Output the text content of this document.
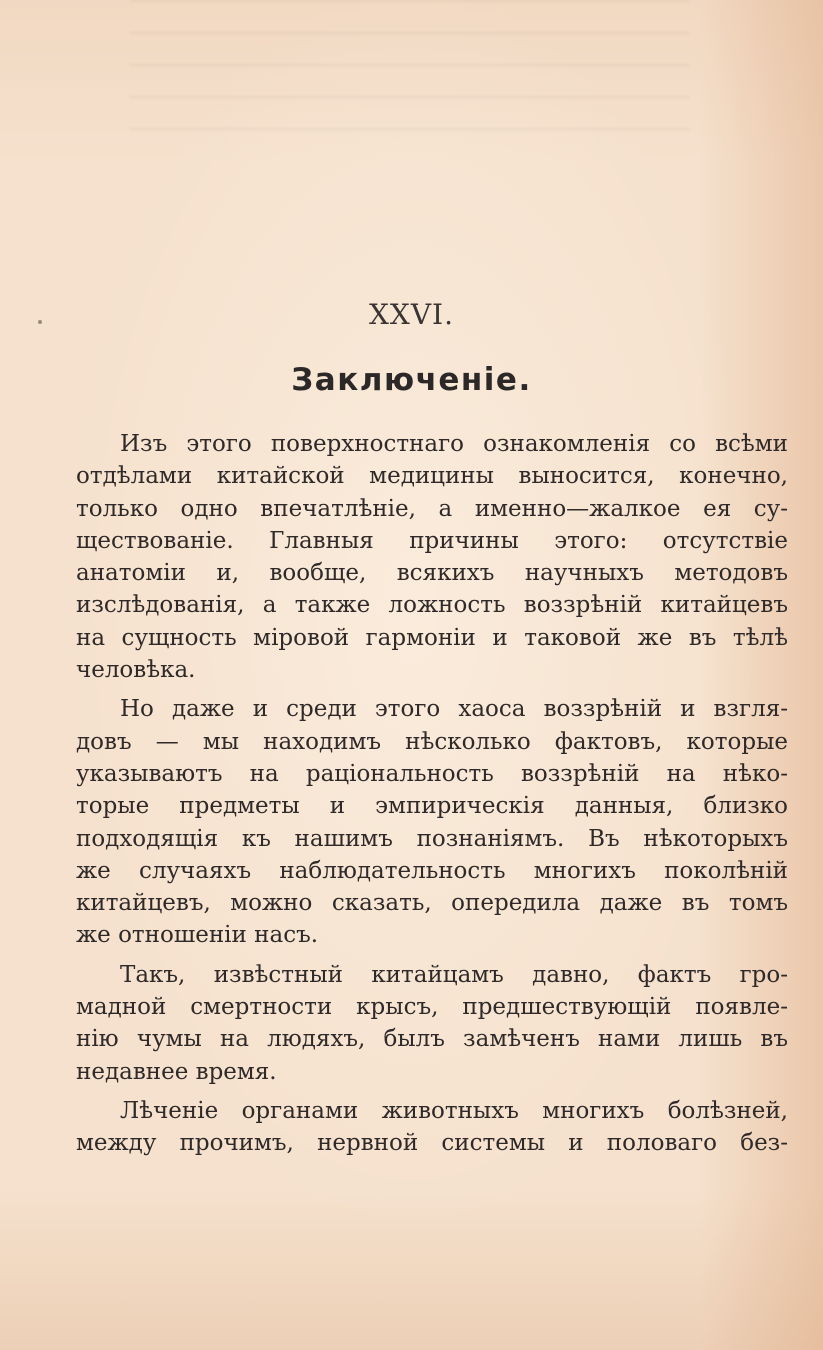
XXVI.
Заключеніе.
Изъ этого поверхностнаго ознакомленія со всѣми
отдѣлами китайской медицины выносится, конечно,
только одно впечатлѣніе, а именно—жалкое ея су-
ществованіе. Главныя причины этого: отсутствіе
анатоміи и, вообще, всякихъ научныхъ методовъ
изслѣдованія, а также ложность воззрѣній китайцевъ
на сущность міровой гармоніи и таковой же въ тѣлѣ
человѣка.
Но даже и среди этого хаоса воззрѣній и взгля-
довъ — мы находимъ нѣсколько фактовъ, которые
указываютъ на раціональность воззрѣній на нѣко-
торые предметы и эмпирическія данныя, близко
подходящія къ нашимъ познаніямъ. Въ нѣкоторыхъ
же случаяхъ наблюдательность многихъ поколѣній
китайцевъ, можно сказать, опередила даже въ томъ
же отношеніи насъ.
Такъ, извѣстный китайцамъ давно, фактъ гро-
мадной смертности крысъ, предшествующій появле-
нію чумы на людяхъ, былъ замѣченъ нами лишь въ
недавнее время.
Лѣченіе органами животныхъ многихъ болѣзней,
между прочимъ, нервной системы и половаго без-
